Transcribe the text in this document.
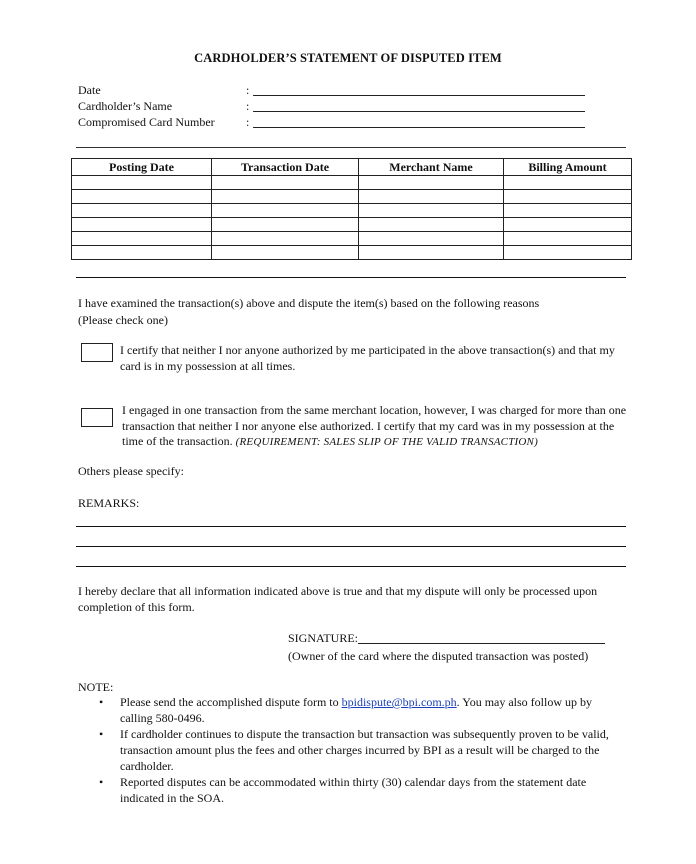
CARDHOLDER’S STATEMENT OF DISPUTED ITEM
Date	:
Cardholder’s Name	:
Compromised Card Number	:
Posting Date	Transaction Date	Merchant Name	Billing Amount

I have examined the transaction(s) above and dispute the item(s) based on the following reasons
(Please check one)
I certify that neither I nor anyone authorized by me participated in the above transaction(s) and that my card is in my possession at all times.
I engaged in one transaction from the same merchant location, however, I was charged for more than one transaction that neither I nor anyone else authorized. I certify that my card was in my possession at the time of the transaction. (REQUIREMENT: SALES SLIP OF THE VALID TRANSACTION)
Others please specify:
REMARKS:
I hereby declare that all information indicated above is true and that my dispute will only be processed upon
completion of this form.
SIGNATURE:
(Owner of the card where the disputed transaction was posted)
NOTE:
• Please send the accomplished dispute form to bpidispute@bpi.com.ph. You may also follow up by calling 580-0496.
• If cardholder continues to dispute the transaction but transaction was subsequently proven to be valid, transaction amount plus the fees and other charges incurred by BPI as a result will be charged to the cardholder.
• Reported disputes can be accommodated within thirty (30) calendar days from the statement date indicated in the SOA.
